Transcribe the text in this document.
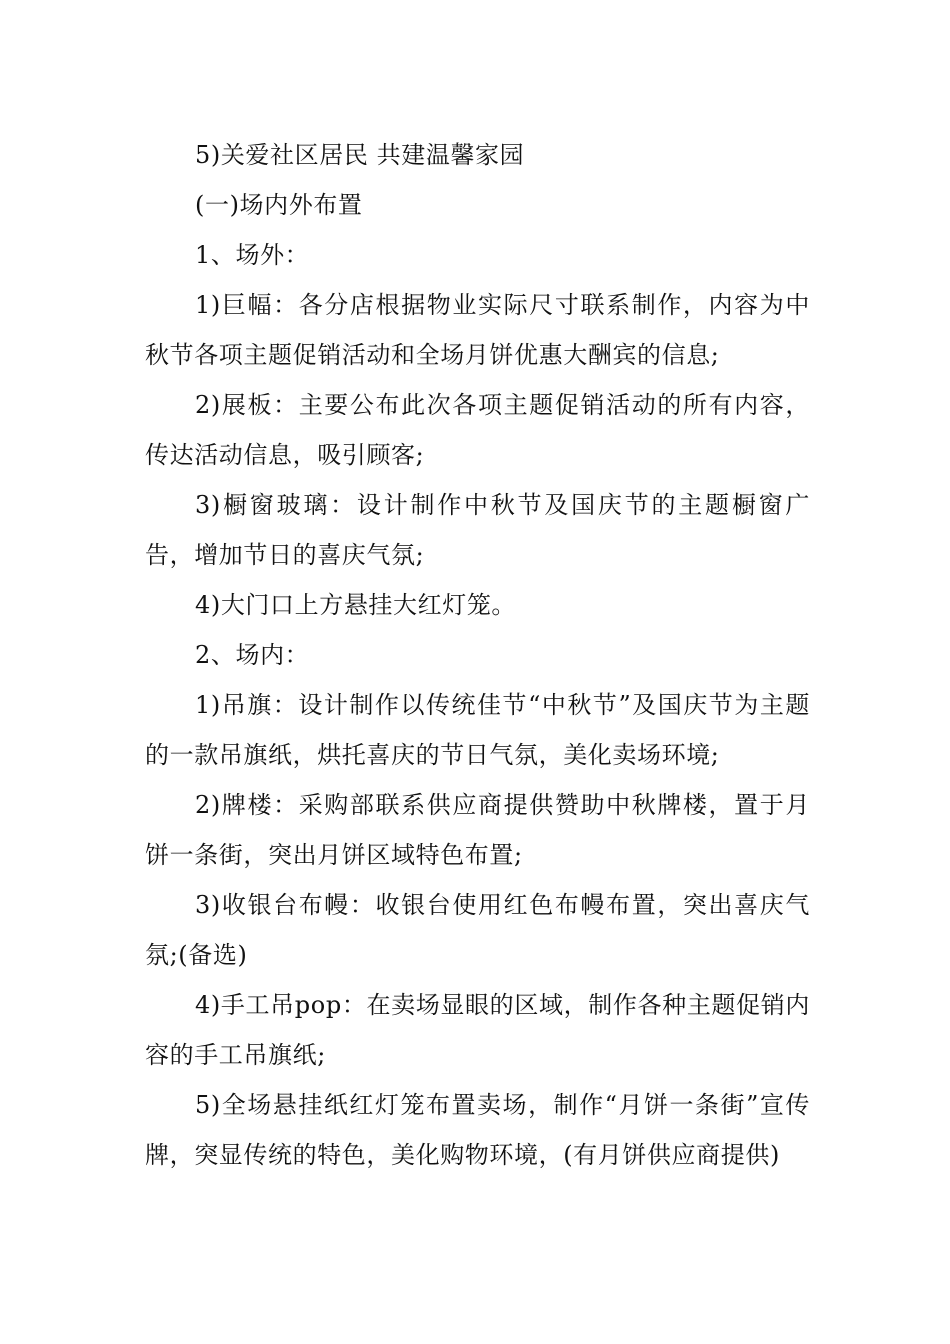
5)关爱社区居民 共建温馨家园

(一)场内外布置

1、场外：

1)巨幅：各分店根据物业实际尺寸联系制作，内容为中秋节各项主题促销活动和全场月饼优惠大酬宾的信息;

2)展板：主要公布此次各项主题促销活动的所有内容，传达活动信息，吸引顾客;

3)橱窗玻璃：设计制作中秋节及国庆节的主题橱窗广告，增加节日的喜庆气氛;

4)大门口上方悬挂大红灯笼。

2、场内：

1)吊旗：设计制作以传统佳节“中秋节”及国庆节为主题的一款吊旗纸，烘托喜庆的节日气氛，美化卖场环境;

2)牌楼：采购部联系供应商提供赞助中秋牌楼，置于月饼一条街，突出月饼区域特色布置;

3)收银台布幔：收银台使用红色布幔布置，突出喜庆气氛;(备选)

4)手工吊pop：在卖场显眼的区域，制作各种主题促销内容的手工吊旗纸;

5)全场悬挂纸红灯笼布置卖场，制作“月饼一条街”宣传牌，突显传统的特色，美化购物环境，(有月饼供应商提供)
